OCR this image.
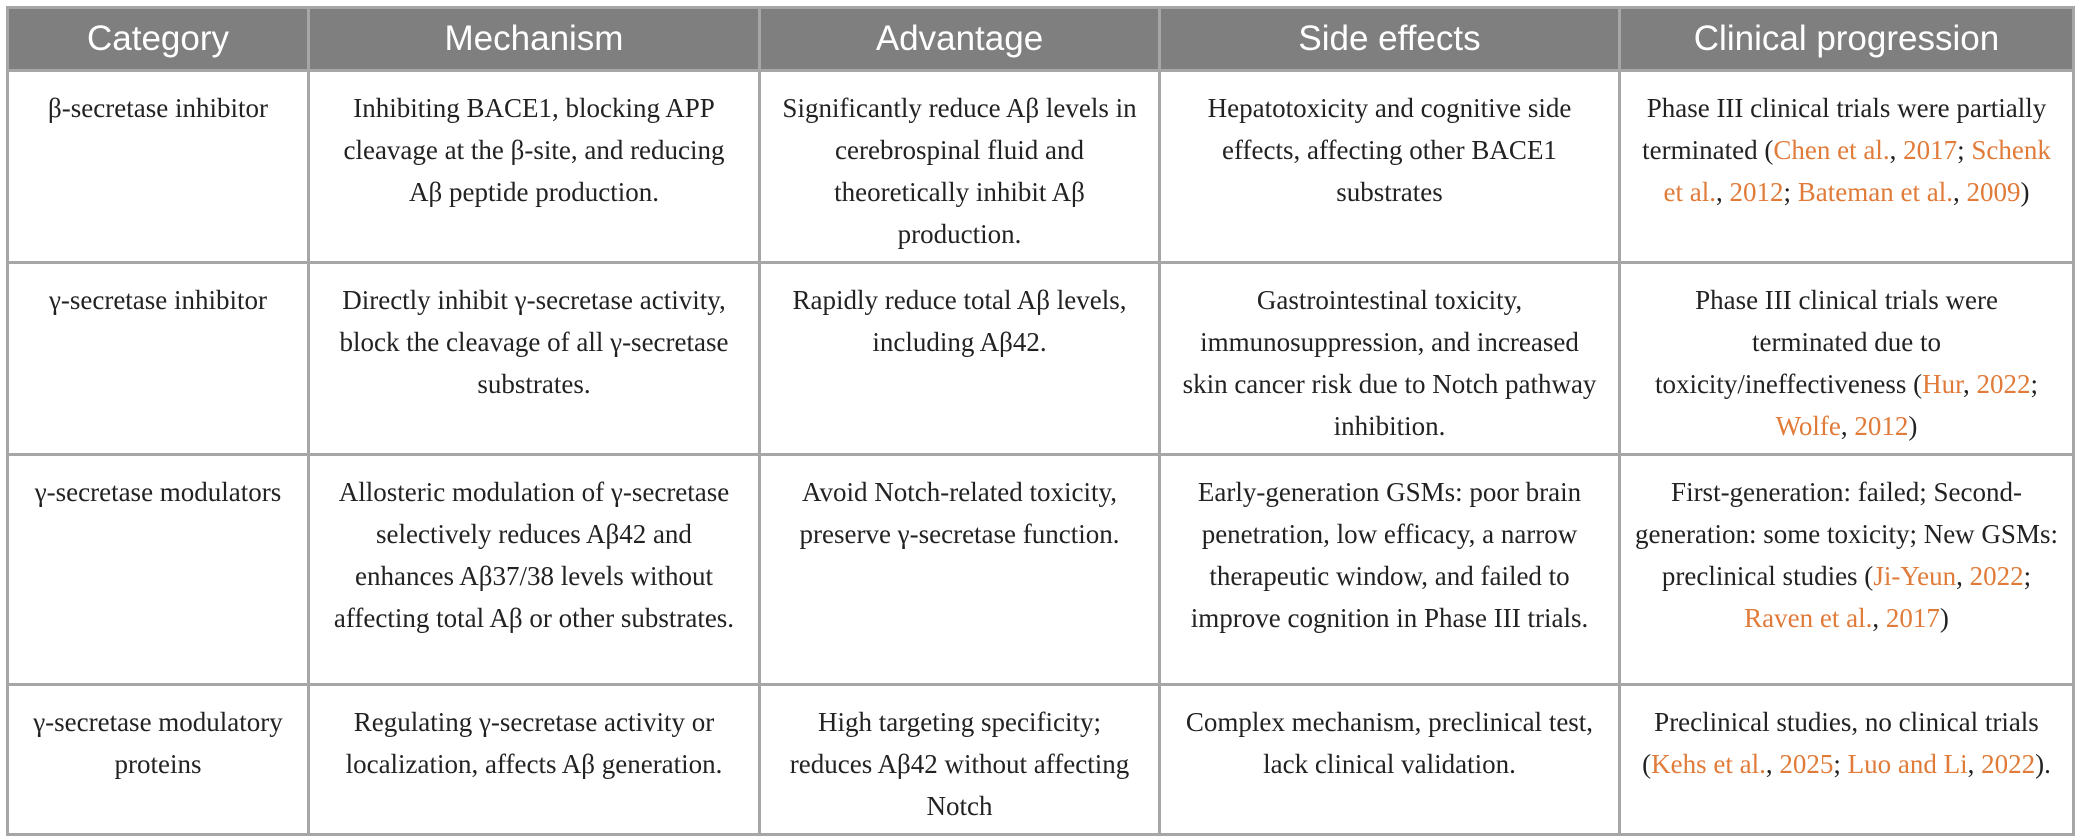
Category	Mechanism	Advantage	Side effects	Clinical progression
β-secretase inhibitor	Inhibiting BACE1, blocking APP cleavage at the β-site, and reducing Aβ peptide production.	Significantly reduce Aβ levels in cerebrospinal fluid and theoretically inhibit Aβ production.	Hepatotoxicity and cognitive side effects, affecting other BACE1 substrates	Phase III clinical trials were partially terminated (Chen et al., 2017; Schenk et al., 2012; Bateman et al., 2009)
γ-secretase inhibitor	Directly inhibit γ-secretase activity, block the cleavage of all γ-secretase substrates.	Rapidly reduce total Aβ levels, including Aβ42.	Gastrointestinal toxicity, immunosuppression, and increased skin cancer risk due to Notch pathway inhibition.	Phase III clinical trials were terminated due to toxicity/ineffectiveness (Hur, 2022; Wolfe, 2012)
γ-secretase modulators	Allosteric modulation of γ-secretase selectively reduces Aβ42 and enhances Aβ37/38 levels without affecting total Aβ or other substrates.	Avoid Notch-related toxicity, preserve γ-secretase function.	Early-generation GSMs: poor brain penetration, low efficacy, a narrow therapeutic window, and failed to improve cognition in Phase III trials.	First-generation: failed; Second-generation: some toxicity; New GSMs: preclinical studies (Ji-Yeun, 2022; Raven et al., 2017)
γ-secretase modulatory proteins	Regulating γ-secretase activity or localization, affects Aβ generation.	High targeting specificity; reduces Aβ42 without affecting Notch	Complex mechanism, preclinical test, lack clinical validation.	Preclinical studies, no clinical trials (Kehs et al., 2025; Luo and Li, 2022).
